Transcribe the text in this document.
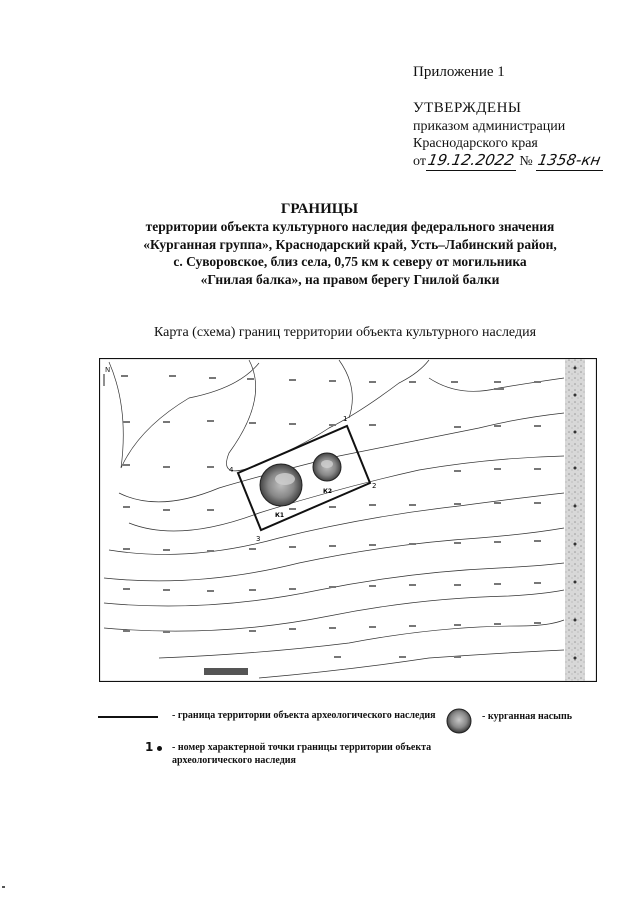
Приложение 1
УТВЕРЖДЕНЫ
приказом администрации
Краснодарского края
от19.12.2022 № 1358-кн
ГРАНИЦЫ
территории объекта культурного наследия федерального значения
«Курганная группа», Краснодарский край, Усть–Лабинский район,
с. Суворовское, близ села, 0,75 км к северу от могильника
«Гнилая балка», на правом берегу Гнилой балки
Карта (схема) границ территории объекта культурного наследия
N
1
2
3
4
К1
К2
- граница территории объекта археологического наследия	- курганная насыпь
1 - номер характерной точки границы территории объекта археологического наследия
